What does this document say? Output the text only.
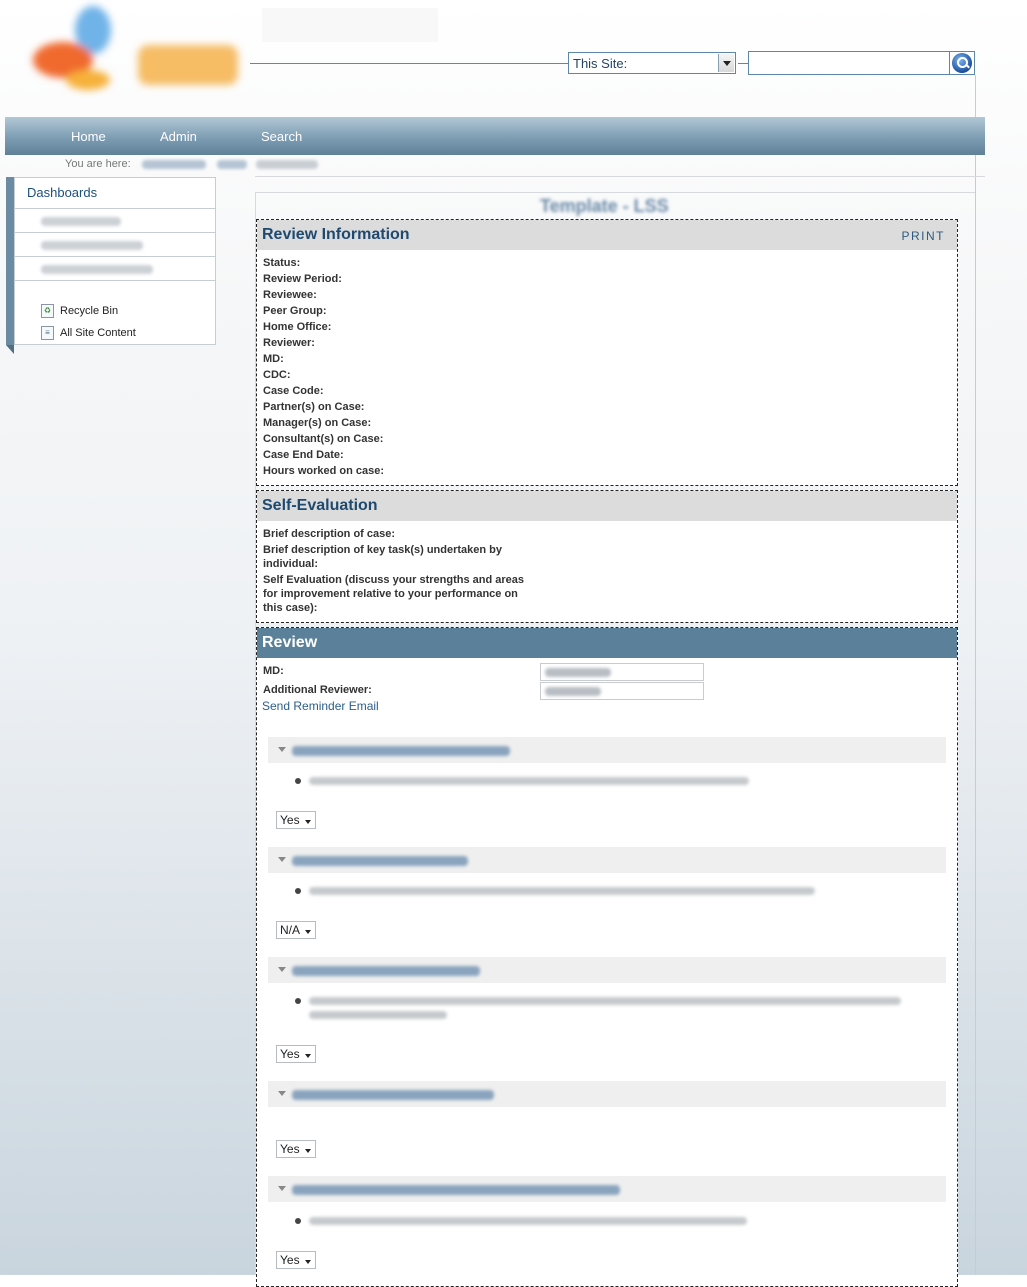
This Site:
Home	Admin	Search
You are here:
Dashboards
♻ Recycle Bin
≡ All Site Content
Template - LSS
Review Information	PRINT
Status:
Review Period:
Reviewee:
Peer Group:
Home Office:
Reviewer:
MD:
CDC:
Case Code:
Partner(s) on Case:
Manager(s) on Case:
Consultant(s) on Case:
Case End Date:
Hours worked on case:
Self-Evaluation
Brief description of case:
Brief description of key task(s) undertaken by
individual:
Self Evaluation (discuss your strengths and areas
for improvement relative to your performance on
this case):
Review
MD:
Additional Reviewer:
Send Reminder Email
Yes
N/A
Yes
Yes
Yes
